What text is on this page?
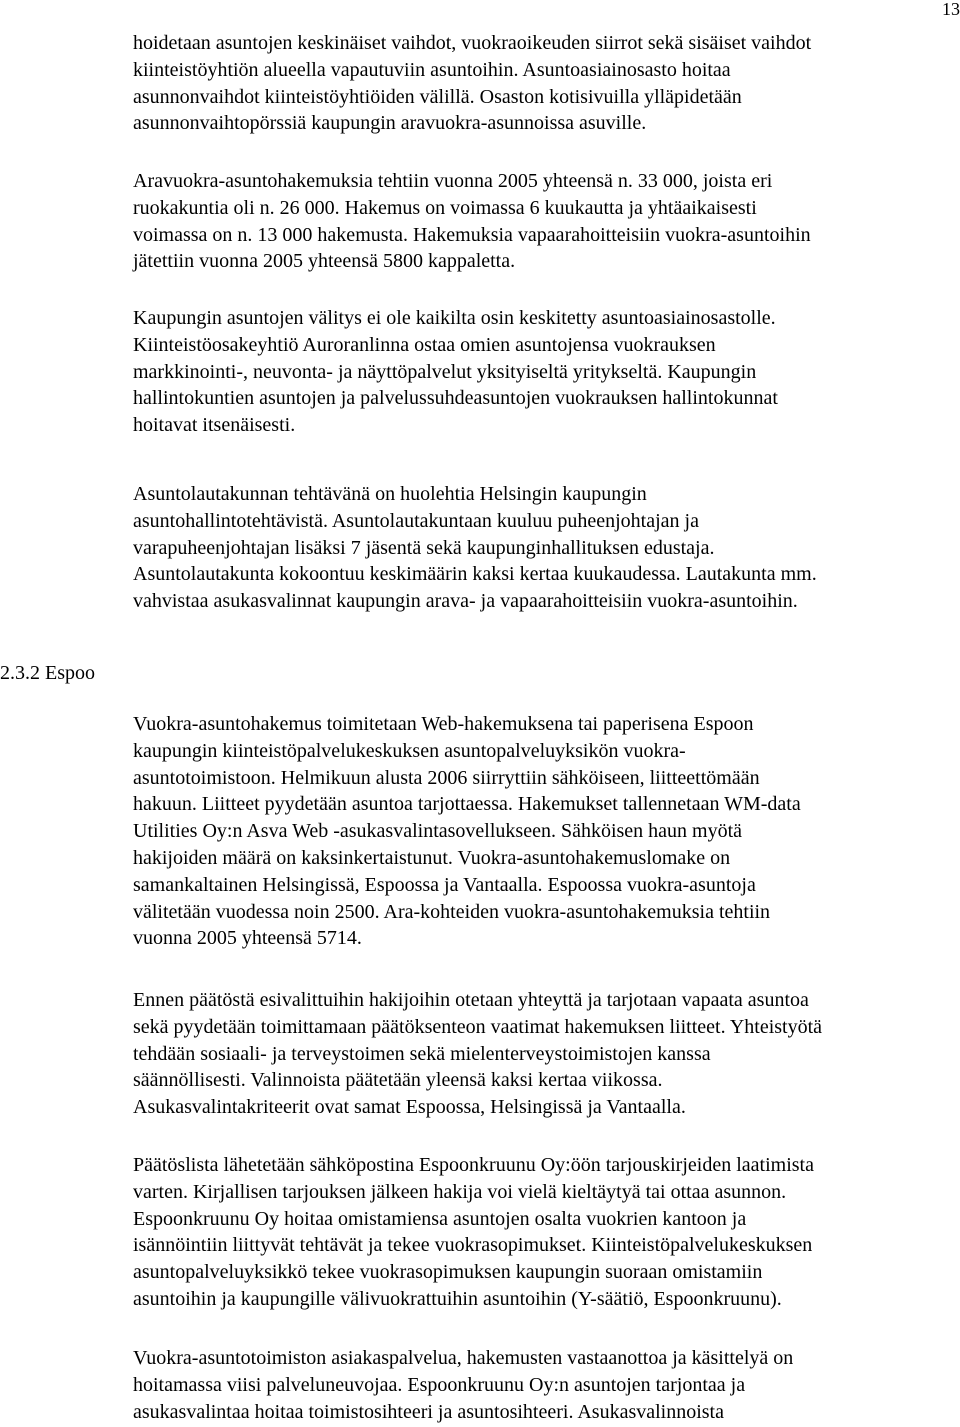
13
2.3.2 Espoo

hoidetaan asuntojen keskinäiset vaihdot, vuokraoikeuden siirrot sekä sisäiset vaihdot
kiinteistöyhtiön alueella vapautuviin asuntoihin. Asuntoasiainosasto hoitaa
asunnonvaihdot kiinteistöyhtiöiden välillä. Osaston kotisivuilla ylläpidetään
asunnonvaihtopörssiä kaupungin aravuokra-asunnoissa asuville.

Aravuokra-asuntohakemuksia tehtiin vuonna 2005 yhteensä n. 33 000, joista eri
ruokakuntia oli n. 26 000. Hakemus on voimassa 6 kuukautta ja yhtäaikaisesti
voimassa on n. 13 000 hakemusta. Hakemuksia vapaarahoitteisiin vuokra-asuntoihin
jätettiin vuonna 2005 yhteensä 5800 kappaletta.

Kaupungin asuntojen välitys ei ole kaikilta osin keskitetty asuntoasiainosastolle.
Kiinteistöosakeyhtiö Auroranlinna ostaa omien asuntojensa vuokrauksen
markkinointi-, neuvonta- ja näyttöpalvelut yksityiseltä yritykseltä. Kaupungin
hallintokuntien asuntojen ja palvelussuhdeasuntojen vuokrauksen hallintokunnat
hoitavat itsenäisesti.

Asuntolautakunnan tehtävänä on huolehtia Helsingin kaupungin
asuntohallintotehtävistä. Asuntolautakuntaan kuuluu puheenjohtajan ja
varapuheenjohtajan lisäksi 7 jäsentä sekä kaupunginhallituksen edustaja.
Asuntolautakunta kokoontuu keskimäärin kaksi kertaa kuukaudessa. Lautakunta mm.
vahvistaa asukasvalinnat kaupungin arava- ja vapaarahoitteisiin vuokra-asuntoihin.

Vuokra-asuntohakemus toimitetaan Web-hakemuksena tai paperisena Espoon
kaupungin kiinteistöpalvelukeskuksen asuntopalveluyksikön vuokra-
asuntotoimistoon. Helmikuun alusta 2006 siirryttiin sähköiseen, liitteettömään
hakuun. Liitteet pyydetään asuntoa tarjottaessa. Hakemukset tallennetaan WM-data
Utilities Oy:n Asva Web -asukasvalintasovellukseen. Sähköisen haun myötä
hakijoiden määrä on kaksinkertaistunut. Vuokra-asuntohakemuslomake on
samankaltainen Helsingissä, Espoossa ja Vantaalla. Espoossa vuokra-asuntoja
välitetään vuodessa noin 2500. Ara-kohteiden vuokra-asuntohakemuksia tehtiin
vuonna 2005 yhteensä 5714.

Ennen päätöstä esivalittuihin hakijoihin otetaan yhteyttä ja tarjotaan vapaata asuntoa
sekä pyydetään toimittamaan päätöksenteon vaatimat hakemuksen liitteet. Yhteistyötä
tehdään sosiaali- ja terveystoimen sekä mielenterveystoimistojen kanssa
säännöllisesti. Valinnoista päätetään yleensä kaksi kertaa viikossa.
Asukasvalintakriteerit ovat samat Espoossa, Helsingissä ja Vantaalla.

Päätöslista lähetetään sähköpostina Espoonkruunu Oy:öön tarjouskirjeiden laatimista
varten. Kirjallisen tarjouksen jälkeen hakija voi vielä kieltäytyä tai ottaa asunnon.
Espoonkruunu Oy hoitaa omistamiensa asuntojen osalta vuokrien kantoon ja
isännöintiin liittyvät tehtävät ja tekee vuokrasopimukset. Kiinteistöpalvelukeskuksen
asuntopalveluyksikkö tekee vuokrasopimuksen kaupungin suoraan omistamiin
asuntoihin ja kaupungille välivuokrattuihin asuntoihin (Y-säätiö, Espoonkruunu).

Vuokra-asuntotoimiston asiakaspalvelua, hakemusten vastaanottoa ja käsittelyä on
hoitamassa viisi palveluneuvojaa. Espoonkruunu Oy:n asuntojen tarjontaa ja
asukasvalintaa hoitaa toimistosihteeri ja asuntosihteeri. Asukasvalinnoista
